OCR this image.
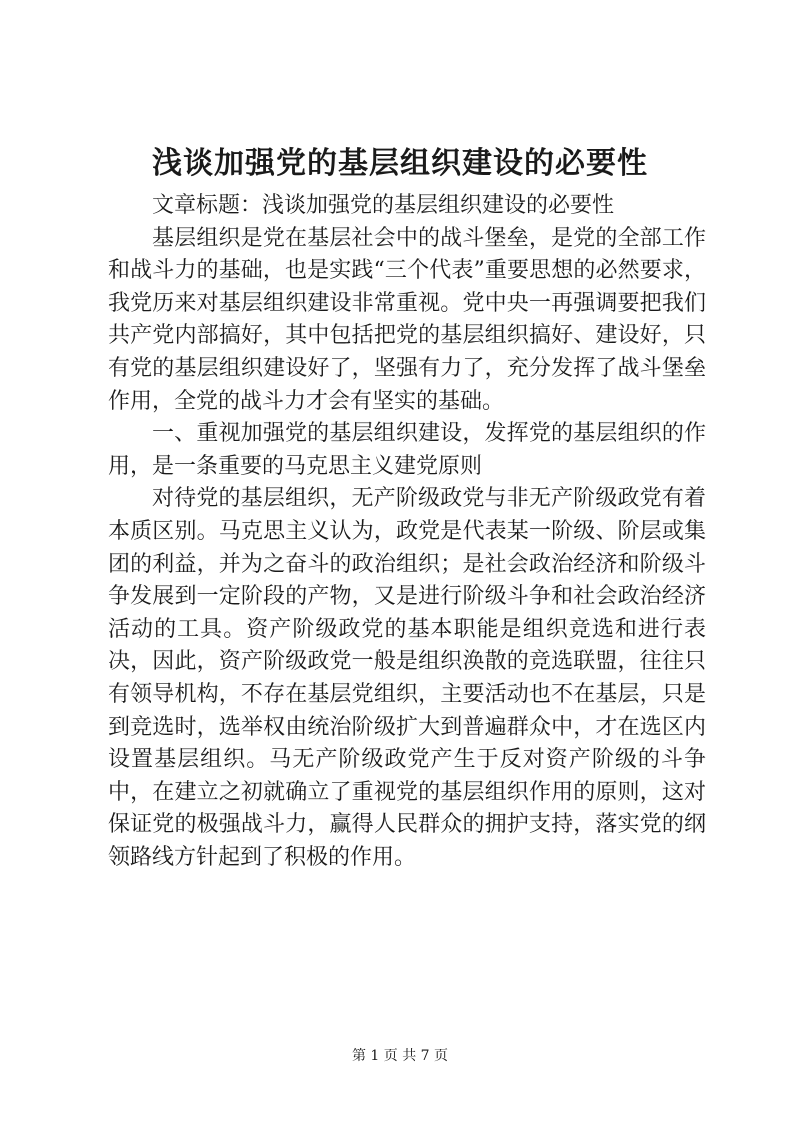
浅谈加强党的基层组织建设的必要性

文章标题：浅谈加强党的基层组织建设的必要性

基层组织是党在基层社会中的战斗堡垒，是党的全部工作和战斗力的基础，也是实践“三个代表”重要思想的必然要求，我党历来对基层组织建设非常重视。党中央一再强调要把我们共产党内部搞好，其中包括把党的基层组织搞好、建设好，只有党的基层组织建设好了，坚强有力了，充分发挥了战斗堡垒作用，全党的战斗力才会有坚实的基础。

一、重视加强党的基层组织建设，发挥党的基层组织的作用，是一条重要的马克思主义建党原则

对待党的基层组织，无产阶级政党与非无产阶级政党有着本质区别。马克思主义认为，政党是代表某一阶级、阶层或集团的利益，并为之奋斗的政治组织；是社会政治经济和阶级斗争发展到一定阶段的产物，又是进行阶级斗争和社会政治经济活动的工具。资产阶级政党的基本职能是组织竞选和进行表决，因此，资产阶级政党一般是组织涣散的竞选联盟，往往只有领导机构，不存在基层党组织，主要活动也不在基层，只是到竞选时，选举权由统治阶级扩大到普遍群众中，才在选区内设置基层组织。马无产阶级政党产生于反对资产阶级的斗争中，在建立之初就确立了重视党的基层组织作用的原则，这对保证党的极强战斗力，赢得人民群众的拥护支持，落实党的纲领路线方针起到了积极的作用。

第 1 页 共 7 页
